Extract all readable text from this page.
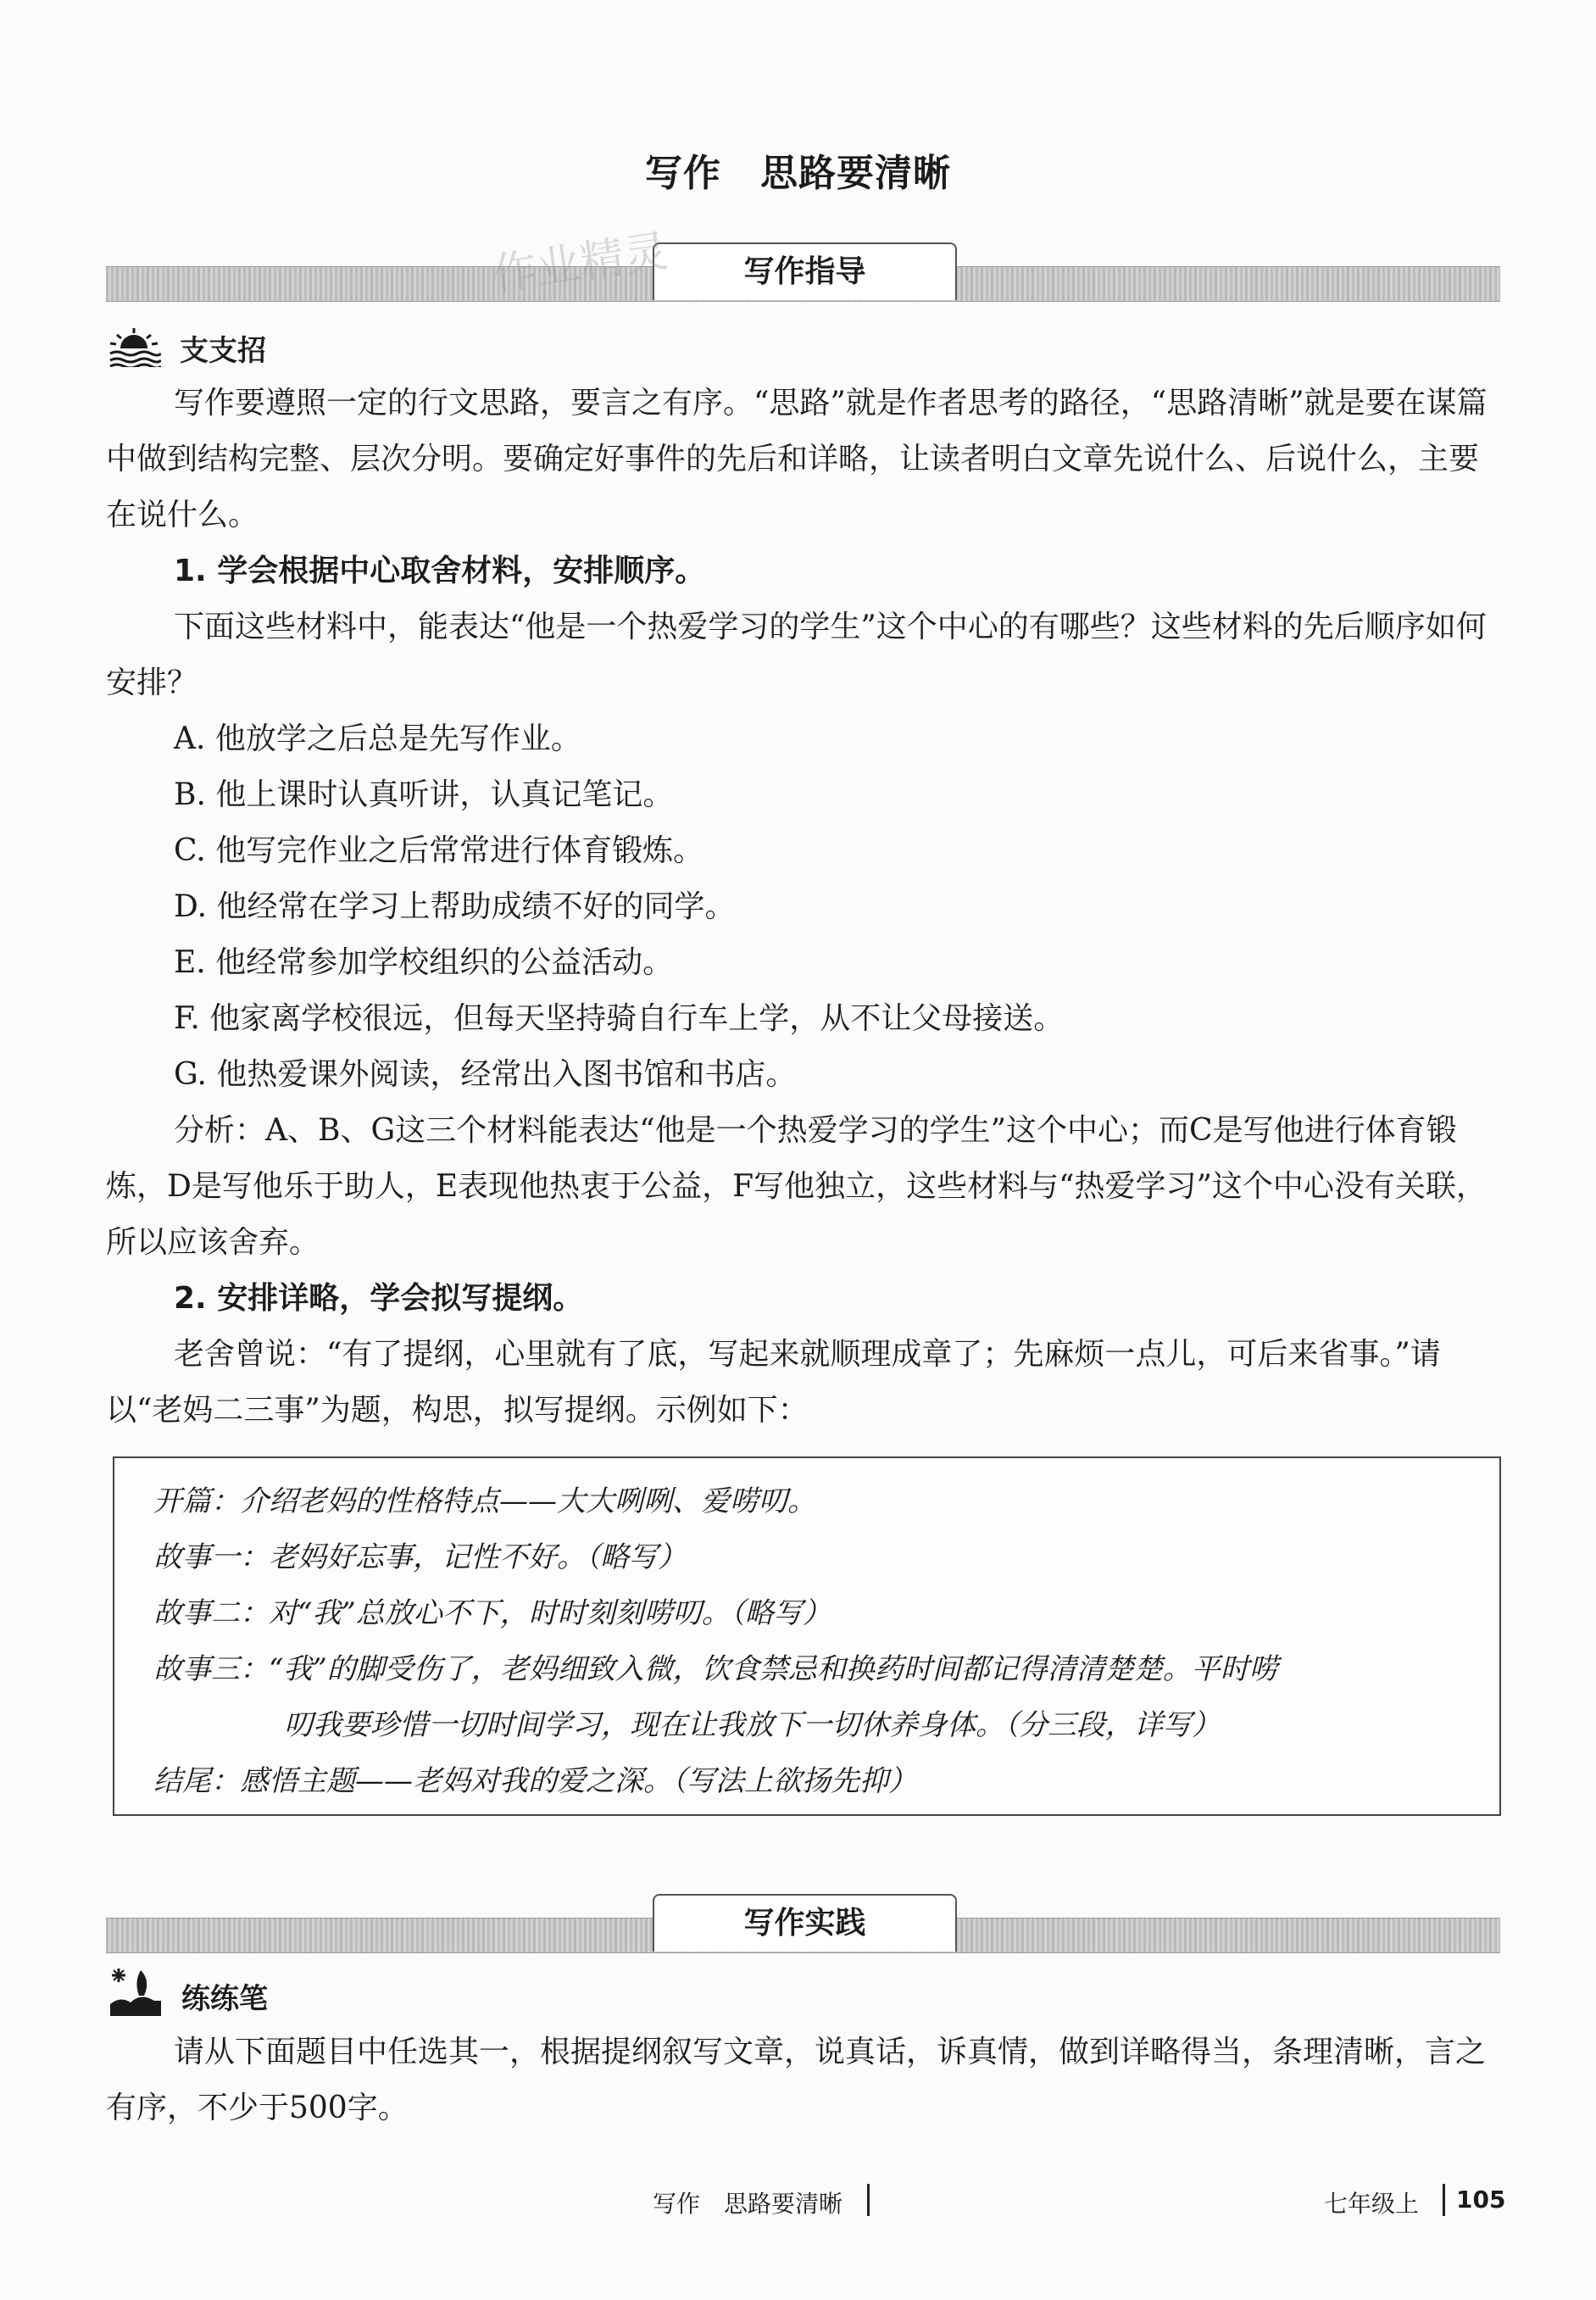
写作 思路要清晰
写作指导
作业精灵
支支招
写作要遵照一定的行文思路，要言之有序。“思路”就是作者思考的路径，“思路清晰”就是要在谋篇中做到结构完整、层次分明。要确定好事件的先后和详略，让读者明白文章先说什么、后说什么，主要在说什么。
1. 学会根据中心取舍材料，安排顺序。
下面这些材料中，能表达“他是一个热爱学习的学生”这个中心的有哪些？这些材料的先后顺序如何安排？
A. 他放学之后总是先写作业。
B. 他上课时认真听讲，认真记笔记。
C. 他写完作业之后常常进行体育锻炼。
D. 他经常在学习上帮助成绩不好的同学。
E. 他经常参加学校组织的公益活动。
F. 他家离学校很远，但每天坚持骑自行车上学，从不让父母接送。
G. 他热爱课外阅读，经常出入图书馆和书店。
分析：A、B、G这三个材料能表达“他是一个热爱学习的学生”这个中心；而C是写他进行体育锻炼，D是写他乐于助人，E表现他热衷于公益，F写他独立，这些材料与“热爱学习”这个中心没有关联，所以应该舍弃。
2. 安排详略，学会拟写提纲。
老舍曾说：“有了提纲，心里就有了底，写起来就顺理成章了；先麻烦一点儿，可后来省事。”请以“老妈二三事”为题，构思，拟写提纲。示例如下：
开篇：介绍老妈的性格特点——大大咧咧、爱唠叨。
故事一：老妈好忘事，记性不好。（略写）
故事二：对“我”总放心不下，时时刻刻唠叨。（略写）
故事三：“我”的脚受伤了，老妈细致入微，饮食禁忌和换药时间都记得清清楚楚。平时唠
叨我要珍惜一切时间学习，现在让我放下一切休养身体。（分三段，详写）
结尾：感悟主题——老妈对我的爱之深。（写法上欲扬先抑）
写作实践
练练笔
请从下面题目中任选其一，根据提纲叙写文章，说真话，诉真情，做到详略得当，条理清晰，言之有序，不少于500字。
写作　思路要清晰	七年级上 105
